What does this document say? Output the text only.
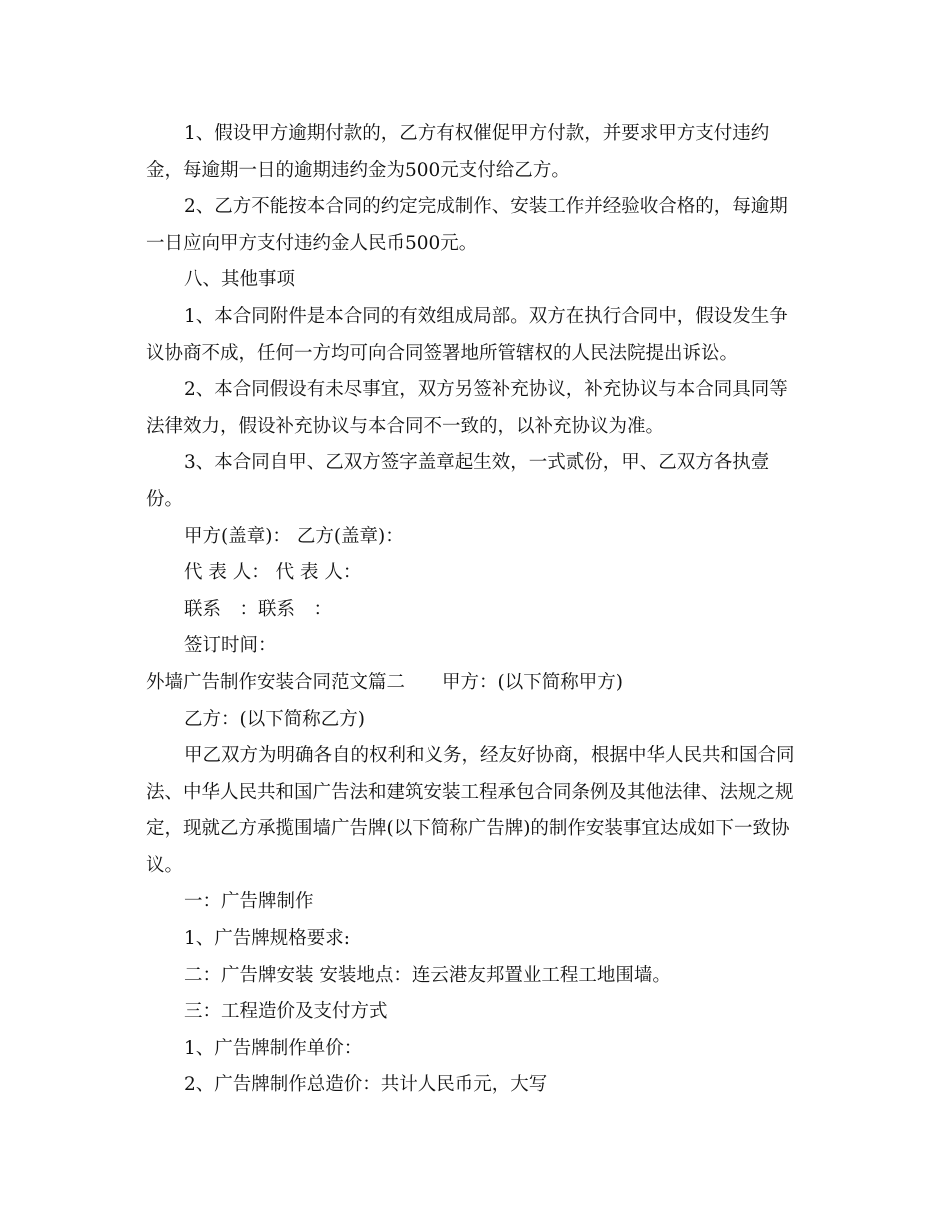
1、假设甲方逾期付款的，乙方有权催促甲方付款，并要求甲方支付违约

金，每逾期一日的逾期违约金为500元支付给乙方。

2、乙方不能按本合同的约定完成制作、安装工作并经验收合格的，每逾期

一日应向甲方支付违约金人民币500元。

八、其他事项

1、本合同附件是本合同的有效组成局部。双方在执行合同中，假设发生争

议协商不成，任何一方均可向合同签署地所管辖权的人民法院提出诉讼。

2、本合同假设有未尽事宜，双方另签补充协议，补充协议与本合同具同等

法律效力，假设补充协议与本合同不一致的，以补充协议为准。

3、本合同自甲、乙双方签字盖章起生效，一式贰份，甲、乙双方各执壹

份。

甲方(盖章)： 乙方(盖章)：

代 表 人： 代 表 人：

联系　：联系　：

签订时间：

外墙广告制作安装合同范文篇二　　甲方：(以下简称甲方)

乙方：(以下简称乙方)

甲乙双方为明确各自的权利和义务，经友好协商，根据中华人民共和国合同

法、中华人民共和国广告法和建筑安装工程承包合同条例及其他法律、法规之规

定，现就乙方承揽围墙广告牌(以下简称广告牌)的制作安装事宜达成如下一致协

议。

一：广告牌制作

1、广告牌规格要求:

二：广告牌安装 安装地点：连云港友邦置业工程工地围墙。

三：工程造价及支付方式

1、广告牌制作单价：

2、广告牌制作总造价：共计人民币元，大写
